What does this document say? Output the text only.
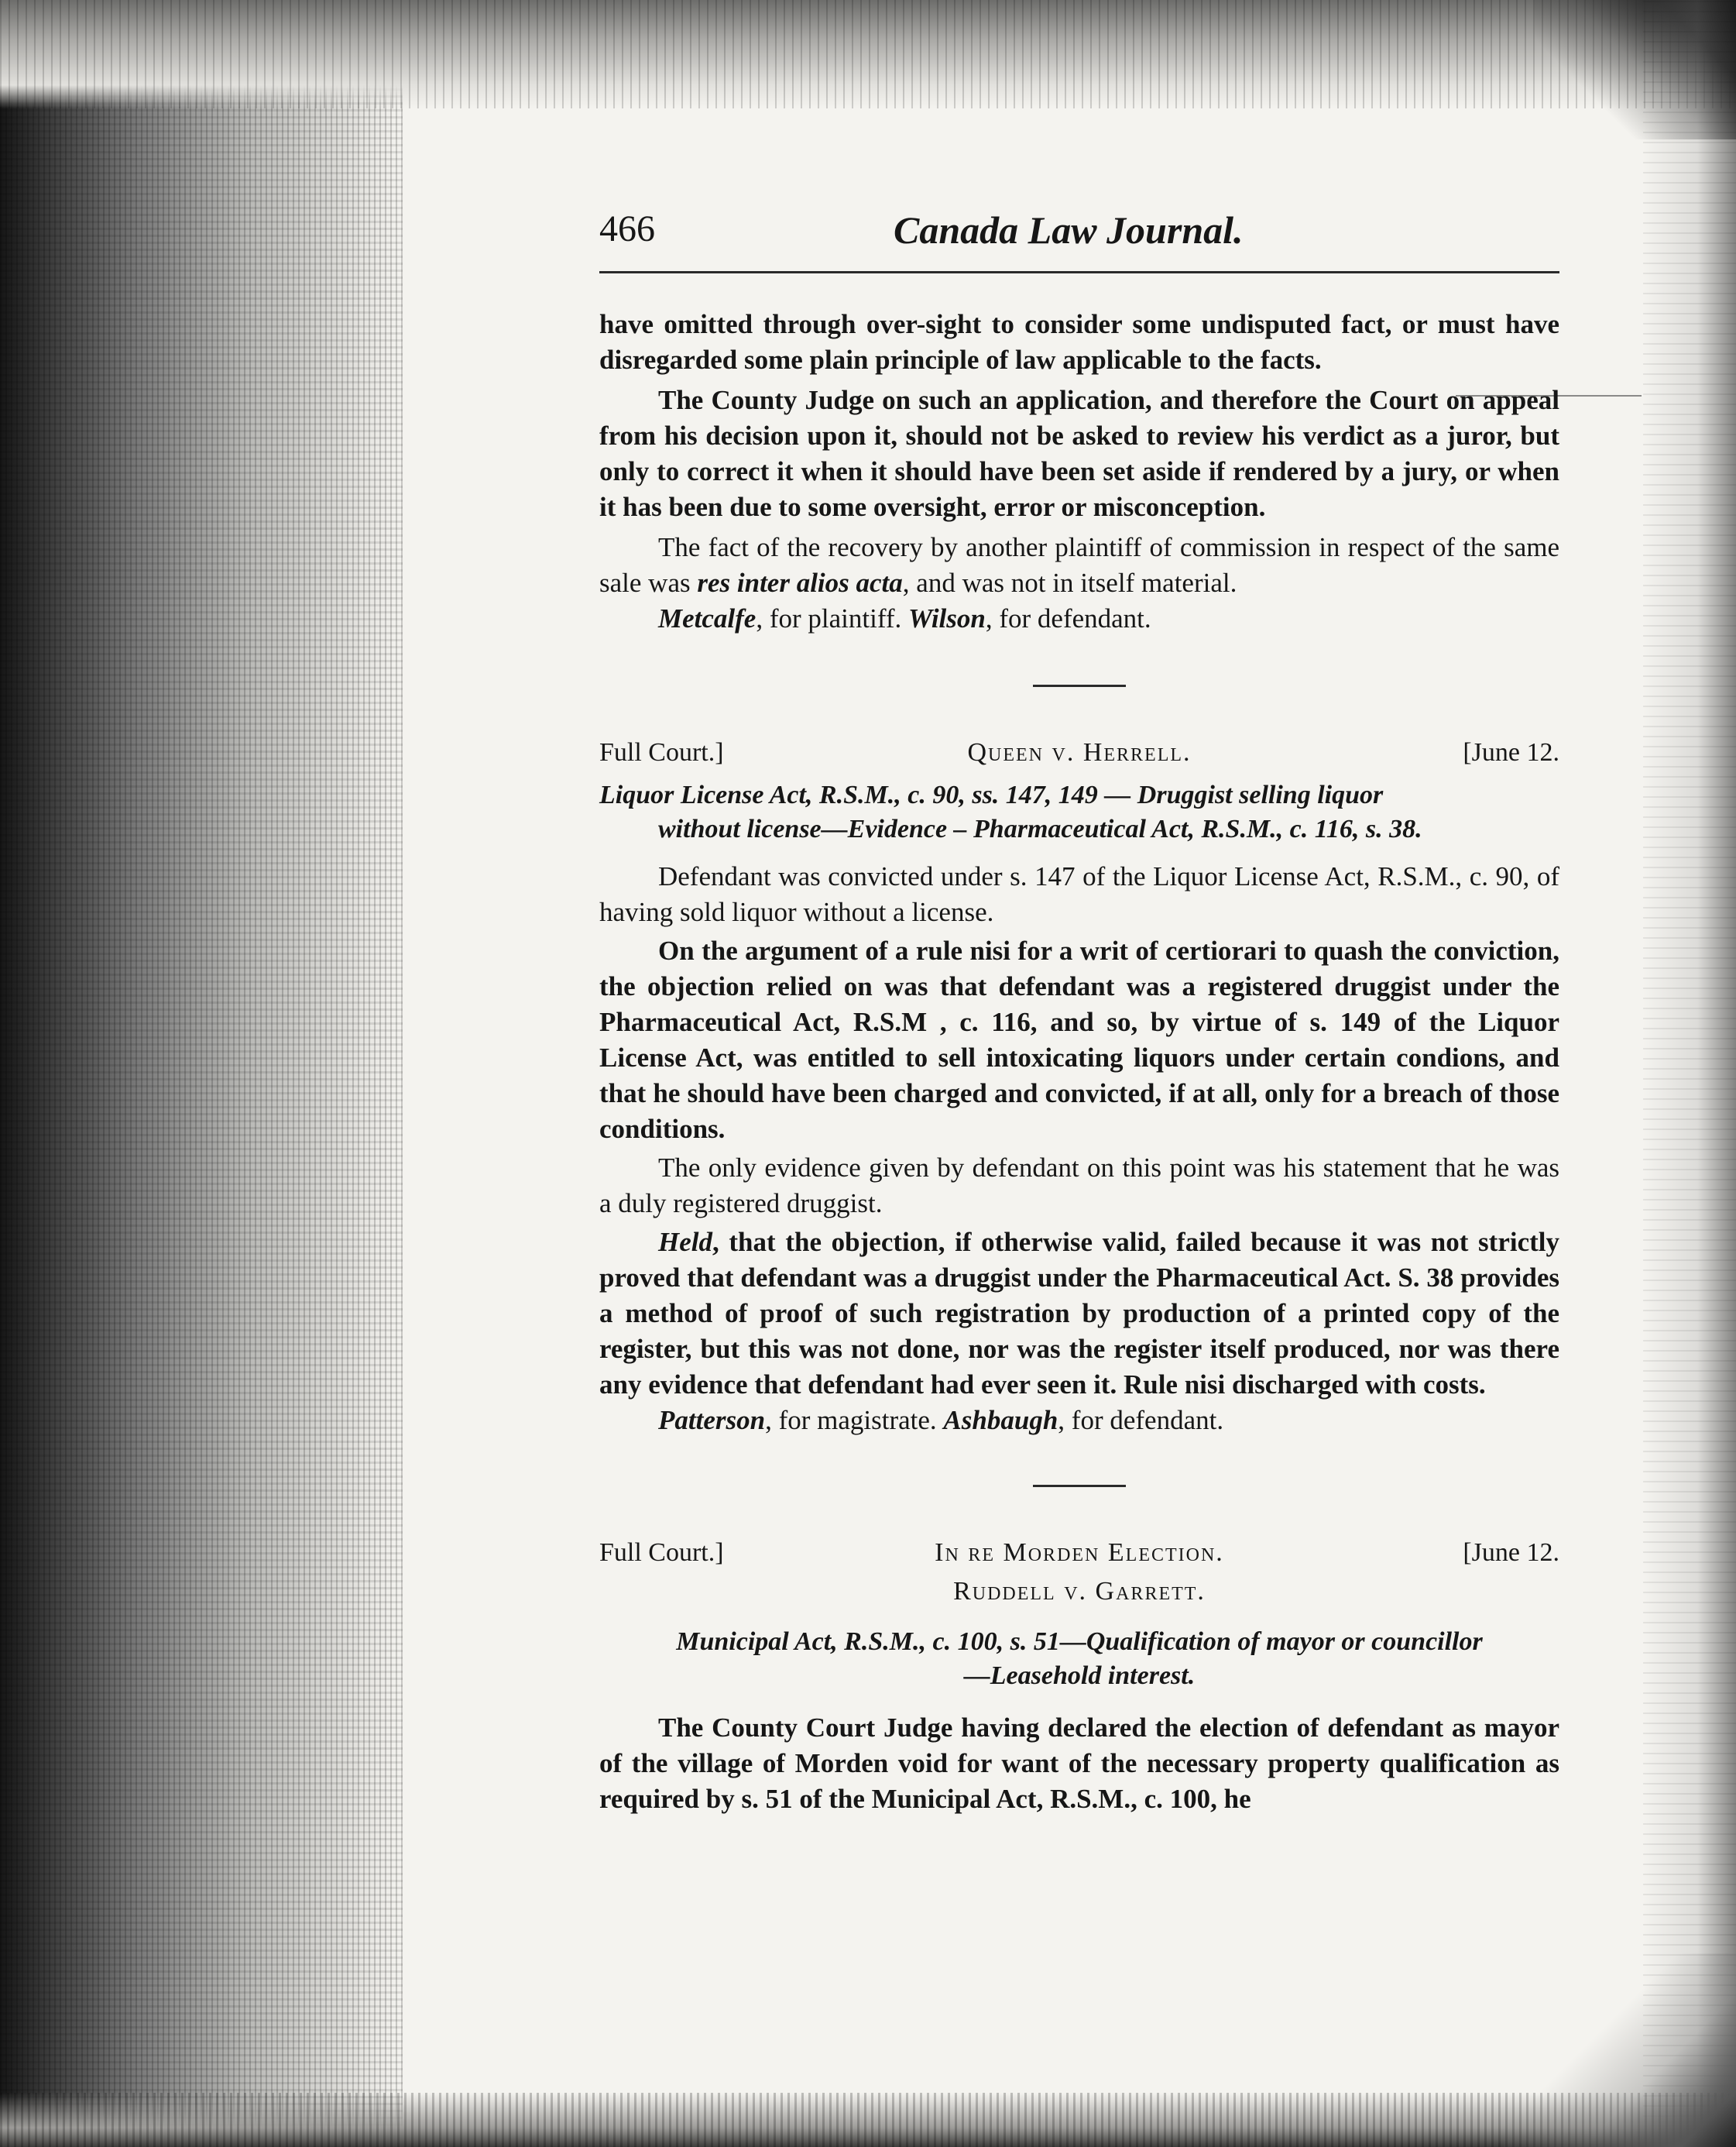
466	Canada Law Journal.

have omitted through over-sight to consider some undisputed fact, or must have disregarded some plain principle of law applicable to the facts.

The County Judge on such an application, and therefore the Court on appeal from his decision upon it, should not be asked to review his verdict as a juror, but only to correct it when it should have been set aside if rendered by a jury, or when it has been due to some oversight, error or misconception.

The fact of the recovery by another plaintiff of commission in respect of the same sale was res inter alios acta, and was not in itself material.

Metcalfe, for plaintiff. Wilson, for defendant.

Full Court.]	Queen v. Herrell.	[June 12.
Liquor License Act, R.S.M., c. 90, ss. 147, 149 — Druggist selling liquor
without license—Evidence – Pharmaceutical Act, R.S.M., c. 116, s. 38.

Defendant was convicted under s. 147 of the Liquor License Act, R.S.M., c. 90, of having sold liquor without a license.

On the argument of a rule nisi for a writ of certiorari to quash the conviction, the objection relied on was that defendant was a registered druggist under the Pharmaceutical Act, R.S.M , c. 116, and so, by virtue of s. 149 of the Liquor License Act, was entitled to sell intoxicating liquors under certain condions, and that he should have been charged and convicted, if at all, only for a breach of those conditions.

The only evidence given by defendant on this point was his statement that he was a duly registered druggist.

Held, that the objection, if otherwise valid, failed because it was not strictly proved that defendant was a druggist under the Pharmaceutical Act. S. 38 provides a method of proof of such registration by production of a printed copy of the register, but this was not done, nor was the register itself produced, nor was there any evidence that defendant had ever seen it. Rule nisi discharged with costs.

Patterson, for magistrate. Ashbaugh, for defendant.

Full Court.]	In re Morden Election.	[June 12.
Ruddell v. Garrett.
Municipal Act, R.S.M., c. 100, s. 51—Qualification of mayor or councillor
—Leasehold interest.

The County Court Judge having declared the election of defendant as mayor of the village of Morden void for want of the necessary property qualification as required by s. 51 of the Municipal Act, R.S.M., c. 100, he
